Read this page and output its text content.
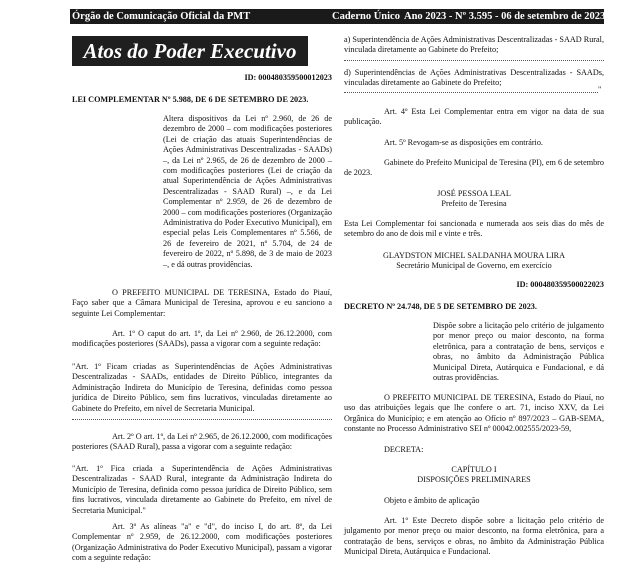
Órgão de Comunicação Oficial da PMT	Caderno Único Ano 2023 - Nº 3.595 - 06 de setembro de 2023
Atos do Poder Executivo
ID: 000480359500012023
LEI COMPLEMENTAR Nº 5.988, DE 6 DE SETEMBRO DE 2023.
Altera dispositivos da Lei nº 2.960, de 26 de dezembro de 2000 – com modificações posteriores (Lei de criação das atuais Superintendências de Ações Administrativas Descentralizadas - SAADs) –, da Lei nº 2.965, de 26 de dezembro de 2000 – com modificações posteriores (Lei de criação da atual Superintendência de Ações Administrativas Descentralizadas - SAAD Rural) –, e da Lei Complementar nº 2.959, de 26 de dezembro de 2000 – com modificações posteriores (Organização Administrativa do Poder Executivo Municipal), em especial pelas Leis Complementares nº 5.566, de 26 de fevereiro de 2021, nº 5.704, de 24 de fevereiro de 2022, nº 5.898, de 3 de maio de 2023 –, e dá outras providências.
O PREFEITO MUNICIPAL DE TERESINA, Estado do Piauí, Faço saber que a Câmara Municipal de Teresina, aprovou e eu sanciono a seguinte Lei Complementar:
Art. 1º O caput do art. 1º, da Lei nº 2.960, de 26.12.2000, com modificações posteriores (SAADs), passa a vigorar com a seguinte redação:
"Art. 1º Ficam criadas as Superintendências de Ações Administrativas Descentralizadas - SAADs, entidades de Direito Público, integrantes da Administração Indireta do Município de Teresina, definidas como pessoa jurídica de Direito Público, sem fins lucrativos, vinculadas diretamente ao Gabinete do Prefeito, em nível de Secretaria Municipal.
Art. 2º O art. 1º, da Lei nº 2.965, de 26.12.2000, com modificações posteriores (SAAD Rural), passa a vigorar com a seguinte redação:
"Art. 1º Fica criada a Superintendência de Ações Administrativas Descentralizadas - SAAD Rural, integrante da Administração Indireta do Município de Teresina, definida como pessoa jurídica de Direito Público, sem fins lucrativos, vinculada diretamente ao Gabinete do Prefeito, em nível de Secretaria Municipal."
Art. 3º As alíneas "a" e "d", do inciso I, do art. 8º, da Lei Complementar nº 2.959, de 26.12.2000, com modificações posteriores (Organização Administrativa do Poder Executivo Municipal), passam a vigorar com a seguinte redação:
a) Superintendência de Ações Administrativas Descentralizadas - SAAD Rural, vinculada diretamente ao Gabinete do Prefeito;
d) Superintendências de Ações Administrativas Descentralizadas - SAADs, vinculadas diretamente ao Gabinete do Prefeito;
"
Art. 4º Esta Lei Complementar entra em vigor na data de sua publicação.
Art. 5º Revogam-se as disposições em contrário.
Gabinete do Prefeito Municipal de Teresina (PI), em 6 de setembro de 2023.
JOSÉ PESSOA LEAL
Prefeito de Teresina
Esta Lei Complementar foi sancionada e numerada aos seis dias do mês de setembro do ano de dois mil e vinte e três.
GLAYDSTON MICHEL SALDANHA MOURA LIRA
Secretário Municipal de Governo, em exercício
ID: 000480359500022023
DECRETO Nº 24.748, DE 5 DE SETEMBRO DE 2023.
Dispõe sobre a licitação pelo critério de julgamento por menor preço ou maior desconto, na forma eletrônica, para a contratação de bens, serviços e obras, no âmbito da Administração Pública Municipal Direta, Autárquica e Fundacional, e dá outras providências.
O PREFEITO MUNICIPAL DE TERESINA, Estado do Piauí, no uso das atribuições legais que lhe confere o art. 71, inciso XXV, da Lei Orgânica do Município; e em atenção ao Ofício nº 897/2023 – GAB-SEMA, constante no Processo Administrativo SEI nº 00042.002555/2023-59,
DECRETA:
CAPÍTULO I
DISPOSIÇÕES PRELIMINARES
Objeto e âmbito de aplicação
Art. 1º Este Decreto dispõe sobre a licitação pelo critério de julgamento por menor preço ou maior desconto, na forma eletrônica, para a contratação de bens, serviços e obras, no âmbito da Administração Pública Municipal Direta, Autárquica e Fundacional.
